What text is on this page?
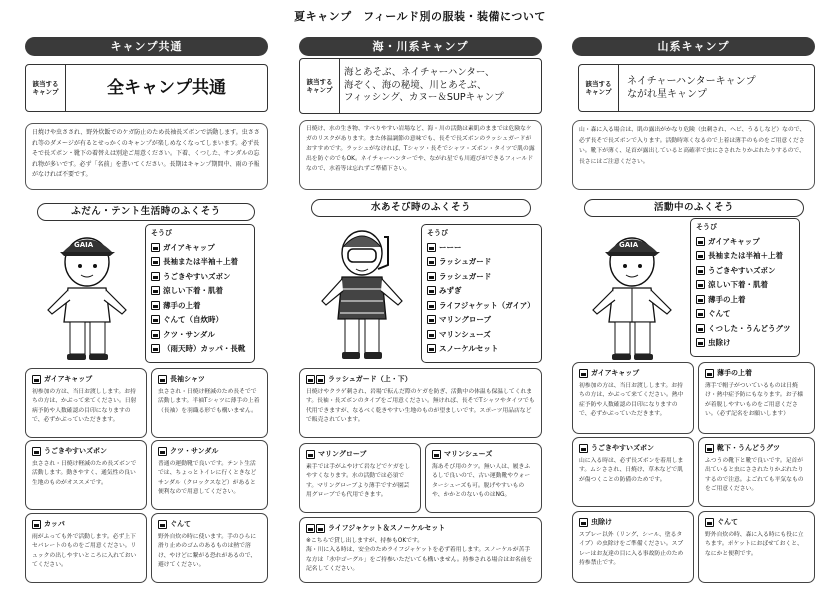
夏キャンプ　フィールド別の服装・装備について
キャンプ共通
該当する
キャンプ	全キャンプ共通
日焼けや虫さされ、野外炊飯でのケガ防止のため長袖長ズボンで活動します。虫さされ等のダメージが有るとせっかくのキャンプが楽しめなくなってしまいます。必ず長そで長ズボン・靴下の着替えは別途ご用意ください。下着、くつした、サンダルの忘れ物が多いです。必ず「名前」を書いてください。長期はキャンプ期間中、雨の予報がなければ不要です。
ふだん・テント生活時のふくそう
GAIA
そうび
ガイアキャップ
長袖または半袖＋上着
うごきやすいズボン
涼しい下着・肌着
薄手の上着
ぐんて（自炊時）
クツ・サンダル
（雨天時）カッパ・長靴
ガイアキャップ
初参加の方は、当日お渡しします。お持ちの方は、かぶって来てください。日射病予防や人数確認の目印になりますので、必ずかぶっていただきます。
長袖シャツ
虫さされ・日焼け軽減のため長そでで活動します。半袖Tシャツに薄手の上着（長袖）を羽織る形でも構いません。
うごきやすいズボン
虫さされ・日焼け軽減のため長ズボンで活動します。動きやすく、通気性の良い生地のものがオススメです。
クツ・サンダル
普通の運動靴で良いです。テント生活では、ちょっとトイレに行くときなどサンダル（クロックスなど）があると便利なので用意してください。
カッパ
雨がふっても外で活動します。必ず上下セパレートのものをご用意ください。リュックの出しやすいところに入れておいてください。
ぐんて
野外自炊の時に使います。手のひらに滑り止めのゴムのあるものは熱で溶け、やけどに繋がる恐れがあるので、避けてください。
海・川系キャンプ
該当する
キャンプ
海とあそぶ、ネイチャーハンター、
海ぞく、海の秘境、川とあそぶ、
フィッシング、カヌー＆SUPキャンプ
日焼け、水の生き物、すべりやすい岩場など、海・川の活動は素肌のままでは危険なケガのリスクがあります。また体温調節の意味でも、長そで長ズボンのラッシュガードがおすすめです。ラッシュがなければ、Tシャツ・長そでシャツ・ズボン・タイツで肌の露出を防ぐのでもOK。ネイチャーハンターでや、ながれ星でも川遊びができるフィールドなので、水着等は忘れずご準備下さい。
水あそび時のふくそう
そうび
ーーー
ラッシュガード
ラッシュガード
みずぎ
ライフジャケット（ガイア）
マリングローブ
マリンシューズ
スノーケルセット
ラッシュガード（上・下）
日焼けやクラゲ刺され、岩場で転んだ際のケガを防ぎ、活動中の体温も保温してくれます。長袖・長ズボンのタイプをご用意ください。無ければ、長そでTシャツやタイツでも代用できますが、なるべく乾きやすい生地のものが望ましいです。スポーツ用品店などで販売されています。
マリングローブ
素手では手がふやけて岩などでケガをしやすくなります。水の活動では必須です。マリングローブより薄手ですが園芸用グローブでも代用できます。
マリンシューズ
海あそび用のクツ。無い人は、履きふるしで良いので、古い運動靴やウォーターシューズも可。脱げやすいものや、かかとのないものはNG。
ライフジャケット＆スノーケルセット
※こちらで貸し出しますが、持参もOKです。
海・川に入る時は、安全のためライフジャケットを必ず着用します。スノーケルが苦手な方は「水中ゴーグル」をご持参いただいても構いません。持参される場合はお名前を記名してください。
山系キャンプ
該当する
キャンプ
ネイチャーハンターキャンプ
ながれ星キャンプ
山・森に入る場合は、肌の露出がかなり危険（虫刺され、ヘビ、うるしなど）なので、必ず長そで長ズボンで入ります。活動時寒くなるので上着は薄手のものをご用意ください。靴下が薄く、足首が露出していると高確率で虫にさされたりかぶれたりするので、長さにはご注意ください。
活動中のふくそう
GAIA
そうび
ガイアキャップ
長袖または半袖＋上着
うごきやすいズボン
涼しい下着・肌着
薄手の上着
ぐんて
くつした・うんどうグツ
虫除け
ガイアキャップ
初参加の方は、当日お渡しします。お持ちの方は、かぶって来てください。熱中症予防や人数確認の目印になりますので、必ずかぶっていただきます。
薄手の上着
薄手で帽子がついているものは日焼け・熱中症予防にもなります。お子様が着脱しやすいものをご用意ください。（必ず記名をお願いします）
うごきやすいズボン
山に入る時は、必ず長ズボンを着用します。ムシさされ、日焼け、草木などで肌が傷つくことの防備のためです。
靴下・うんどうグツ
ふつうの靴下と靴で良いです。足首が出ていると虫にさされたりかぶれたりするので注意。よごれても平気なものをご用意ください。
虫除け
スプレー以外（リング、シール、塗るタイプ）の虫除けをご準備ください。スプレーはお友達の目に入る事故防止のため持参禁止です。
ぐんて
野外自炊の時、森に入る時にも役に立ちます。ポケットにおばせておくと、なにかと便利です。
